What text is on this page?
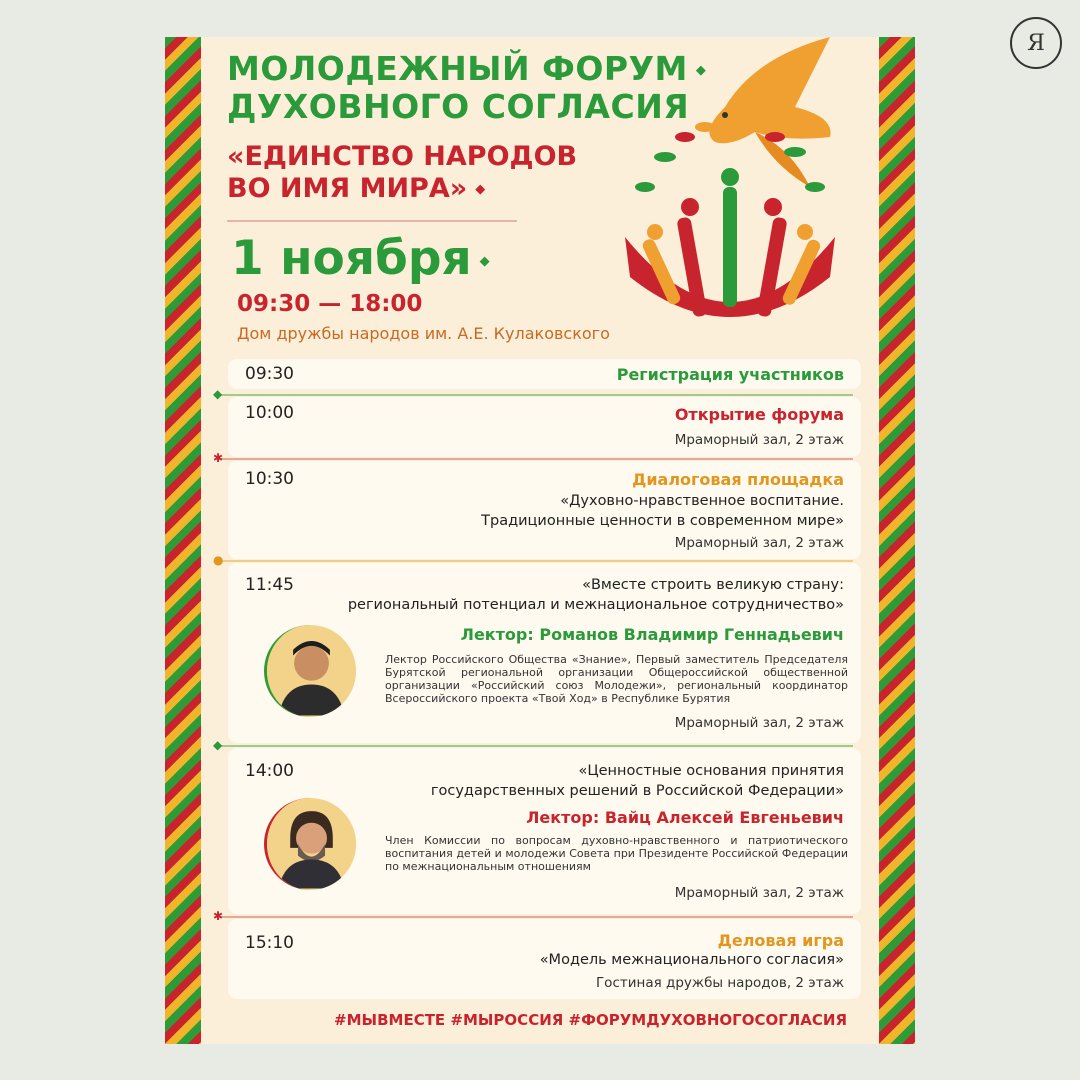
Я
МОЛОДЕЖНЫЙ ФОРУМ ◆
ДУХОВНОГО СОГЛАСИЯ
«ЕДИНСТВО НАРОДОВ
ВО ИМЯ МИРА» ◆
1 ноября ◆
09:30 — 18:00
Дом дружбы народов им. А.Е. Кулаковского
◆
09:30	Регистрация участников
10:00	Открытие форума
Мраморный зал, 2 этаж
✱
10:30	Диалоговая площадка
«Духовно-нравственное воспитание.
Традиционные ценности в современном мире»
Мраморный зал, 2 этаж
●
11:45	«Вместе строить великую страну:
региональный потенциал и межнациональное сотрудничество»
Лектор: Романов Владимир Геннадьевич
Лектор Российского Общества «Знание», Первый заместитель Председателя Бурятской региональной организации Общероссийской общественной организации «Российский союз Молодежи», региональный координатор Всероссийского проекта «Твой Ход» в Республике Бурятия
Мраморный зал, 2 этаж
◆
14:00	«Ценностные основания принятия
государственных решений в Российской Федерации»
Лектор: Вайц Алексей Евгеньевич
Член Комиссии по вопросам духовно-нравственного и патриотического воспитания детей и молодежи Совета при Президенте Российской Федерации по межнациональным отношениям
Мраморный зал, 2 этаж
✱
15:10	Деловая игра
«Модель межнационального согласия»
Гостиная дружбы народов, 2 этаж
#МЫВМЕСТЕ #МЫРОССИЯ #ФОРУМДУХОВНОГОСОГЛАСИЯ
